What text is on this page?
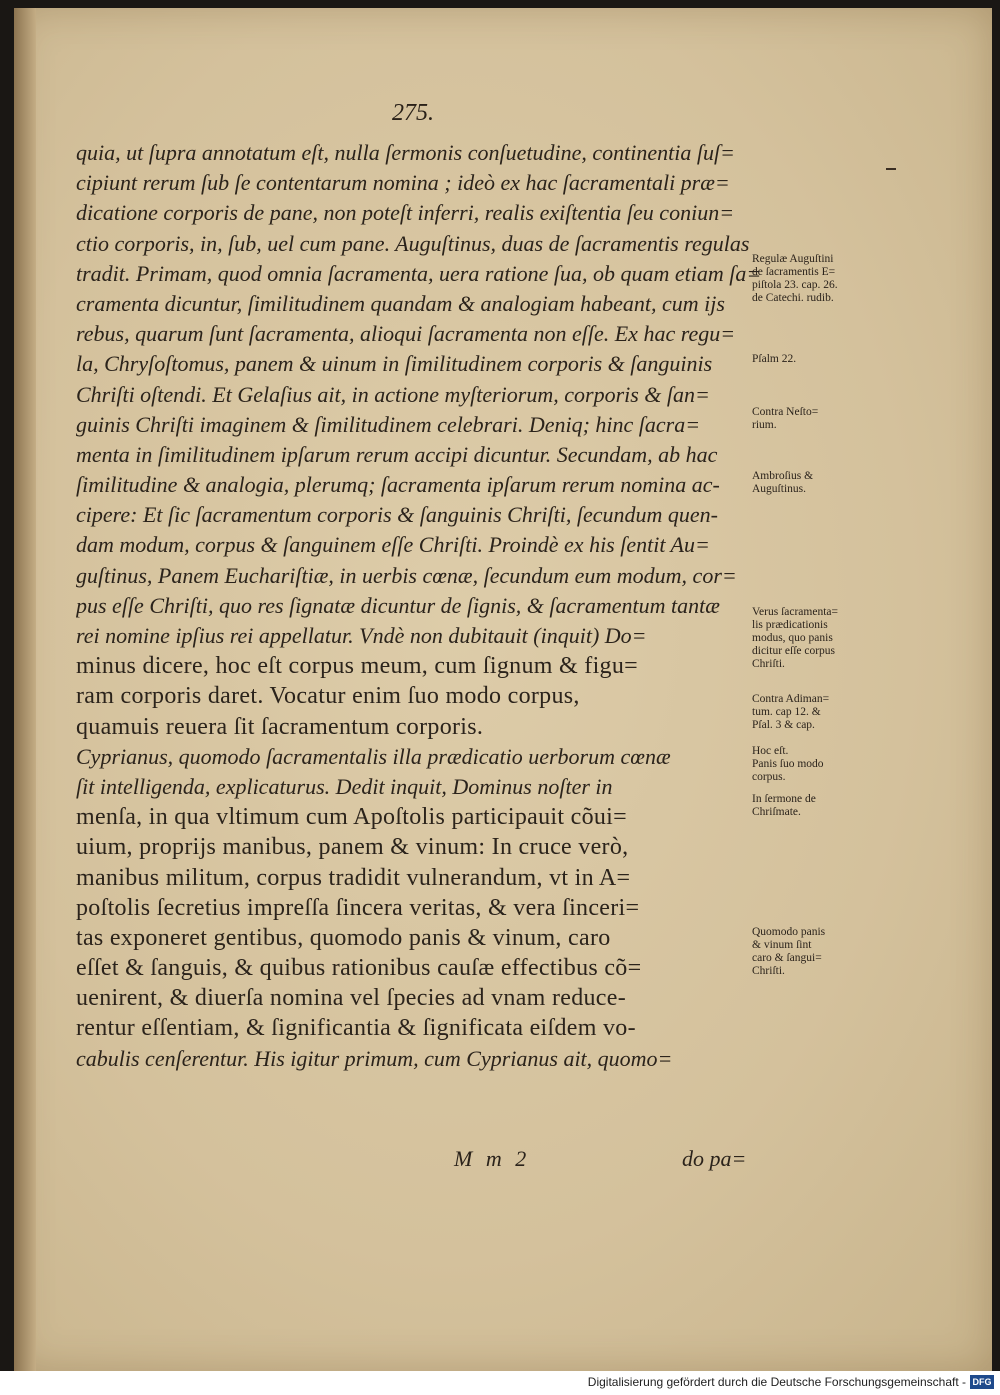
275.
quia, ut ſupra annotatum eſt, nulla ſermonis conſuetudine, continentia ſuſ=
cipiunt rerum ſub ſe contentarum nomina ; ideò ex hac ſacramentali præ=
dicatione corporis de pane, non poteſt inferri, realis exiſtentia ſeu coniun=
ctio corporis, in, ſub, uel cum pane. Auguſtinus, duas de ſacramentis regulas
tradit. Primam, quod omnia ſacramenta, uera ratione ſua, ob quam etiam ſa=
cramenta dicuntur, ſimilitudinem quandam & analogiam habeant, cum ijs
rebus, quarum ſunt ſacramenta, alioqui ſacramenta non eſſe. Ex hac regu=
la, Chryſoſtomus, panem & uinum in ſimilitudinem corporis & ſanguinis
Chriſti oſtendi. Et Gelaſius ait, in actione myſteriorum, corporis & ſan=
guinis Chriſti imaginem & ſimilitudinem celebrari. Deniq; hinc ſacra=
menta in ſimilitudinem ipſarum rerum accipi dicuntur. Secundam, ab hac
ſimilitudine & analogia, plerumq; ſacramenta ipſarum rerum nomina ac-
cipere: Et ſic ſacramentum corporis & ſanguinis Chriſti, ſecundum quen-
dam modum, corpus & ſanguinem eſſe Chriſti. Proindè ex his ſentit Au=
guſtinus, Panem Euchariſtiæ, in uerbis cœnæ, ſecundum eum modum, cor=
pus eſſe Chriſti, quo res ſignatæ dicuntur de ſignis, & ſacramentum tantæ
rei nomine ipſius rei appellatur. Vndè non dubitauit (inquit) Do=
minus dicere, hoc eſt corpus meum, cum ſignum & figu=
ram corporis daret. Vocatur enim ſuo modo corpus,
quamuis reuera ſit ſacramentum corporis.
Cyprianus, quomodo ſacramentalis illa prædicatio uerborum cœnæ
ſit intelligenda, explicaturus. Dedit inquit, Dominus noſter in
menſa, in qua vltimum cum Apoſtolis participauit cõui=
uium, proprijs manibus, panem & vinum: In cruce verò,
manibus militum, corpus tradidit vulnerandum, vt in A=
poſtolis ſecretius impreſſa ſincera veritas, & vera ſinceri=
tas exponeret gentibus, quomodo panis & vinum, caro
eſſet & ſanguis, & quibus rationibus cauſæ effectibus cõ=
uenirent, & diuerſa nomina vel ſpecies ad vnam reduce-
rentur eſſentiam, & ſignificantia & ſignificata eiſdem vo-
cabulis cenſerentur. His igitur primum, cum Cyprianus ait, quomo=
Regulæ Auguſtini
de ſacramentis E=
piſtola 23. cap. 26.
de Catechi. rudib.
Pſalm 22.
Contra Neſto=
rium.
Ambroſius &
Auguſtinus.
Verus ſacramenta=
lis prædicationis
modus, quo panis
dicitur eſſe corpus
Chriſti.
Contra Adiman=
tum. cap 12. &
Pſal. 3 & cap.
Hoc eſt.
Panis ſuo modo
corpus.
In ſermone de
Chriſmate.
Quomodo panis
& vinum ſint
caro & ſangui=
Chriſti.
M m 2	do pa=
Digitalisierung gefördert durch die Deutsche Forschungsgemeinschaft - DFG
